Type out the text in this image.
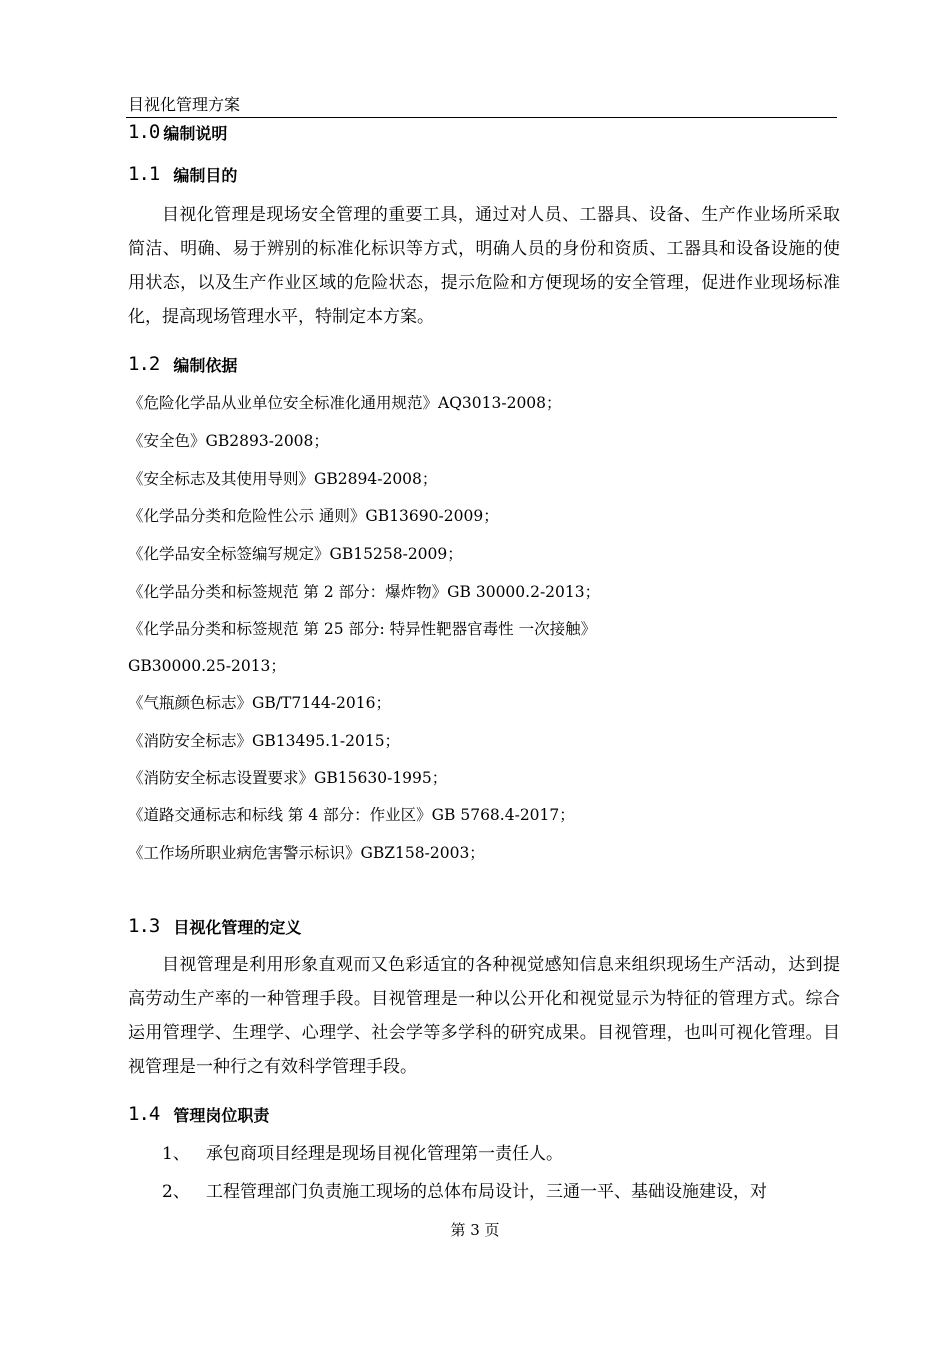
目视化管理方案
1.0 编制说明
1.1 编制目的

目视化管理是现场安全管理的重要工具，通过对人员、工器具、设备、生产作业场所采取简洁、明确、易于辨别的标准化标识等方式，明确人员的身份和资质、工器具和设备设施的使用状态，以及生产作业区域的危险状态，提示危险和方便现场的安全管理，促进作业现场标准化，提高现场管理水平，特制定本方案。

1.2 编制依据
《危险化学品从业单位安全标准化通用规范》AQ3013-2008；
《安全色》GB2893-2008；
《安全标志及其使用导则》GB2894-2008；
《化学品分类和危险性公示 通则》GB13690-2009；
《化学品安全标签编写规定》GB15258-2009；
《化学品分类和标签规范 第 2 部分：爆炸物》GB 30000.2-2013；
《化学品分类和标签规范 第 25 部分: 特异性靶器官毒性 一次接触》
GB30000.25-2013；
《气瓶颜色标志》GB/T7144-2016；
《消防安全标志》GB13495.1-2015；
《消防安全标志设置要求》GB15630-1995；
《道路交通标志和标线 第 4 部分：作业区》GB 5768.4-2017；
《工作场所职业病危害警示标识》GBZ158-2003；
1.3 目视化管理的定义

目视管理是利用形象直观而又色彩适宜的各种视觉感知信息来组织现场生产活动，达到提高劳动生产率的一种管理手段。目视管理是一种以公开化和视觉显示为特征的管理方式。综合运用管理学、生理学、心理学、社会学等多学科的研究成果。目视管理，也叫可视化管理。目视管理是一种行之有效科学管理手段。

1.4 管理岗位职责
1、 承包商项目经理是现场目视化管理第一责任人。
2、 工程管理部门负责施工现场的总体布局设计，三通一平、基础设施建设，对
第 3 页
